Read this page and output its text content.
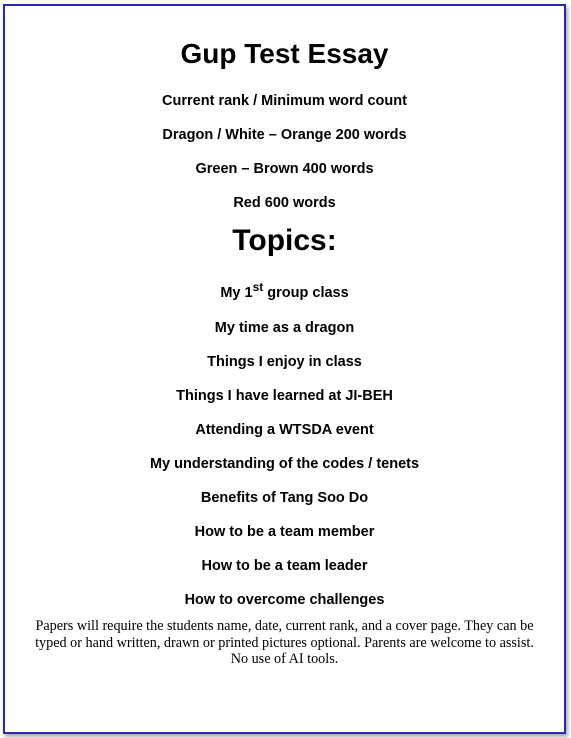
Gup Test Essay
Current rank / Minimum word count
Dragon / White – Orange 200 words
Green – Brown 400 words
Red 600 words
Topics:
My 1st group class
My time as a dragon
Things I enjoy in class
Things I have learned at JI-BEH
Attending a WTSDA event
My understanding of the codes / tenets
Benefits of Tang Soo Do
How to be a team member
How to be a team leader
How to overcome challenges
Papers will require the students name, date, current rank, and a cover page. They can be
typed or hand written, drawn or printed pictures optional. Parents are welcome to assist.
No use of AI tools.
